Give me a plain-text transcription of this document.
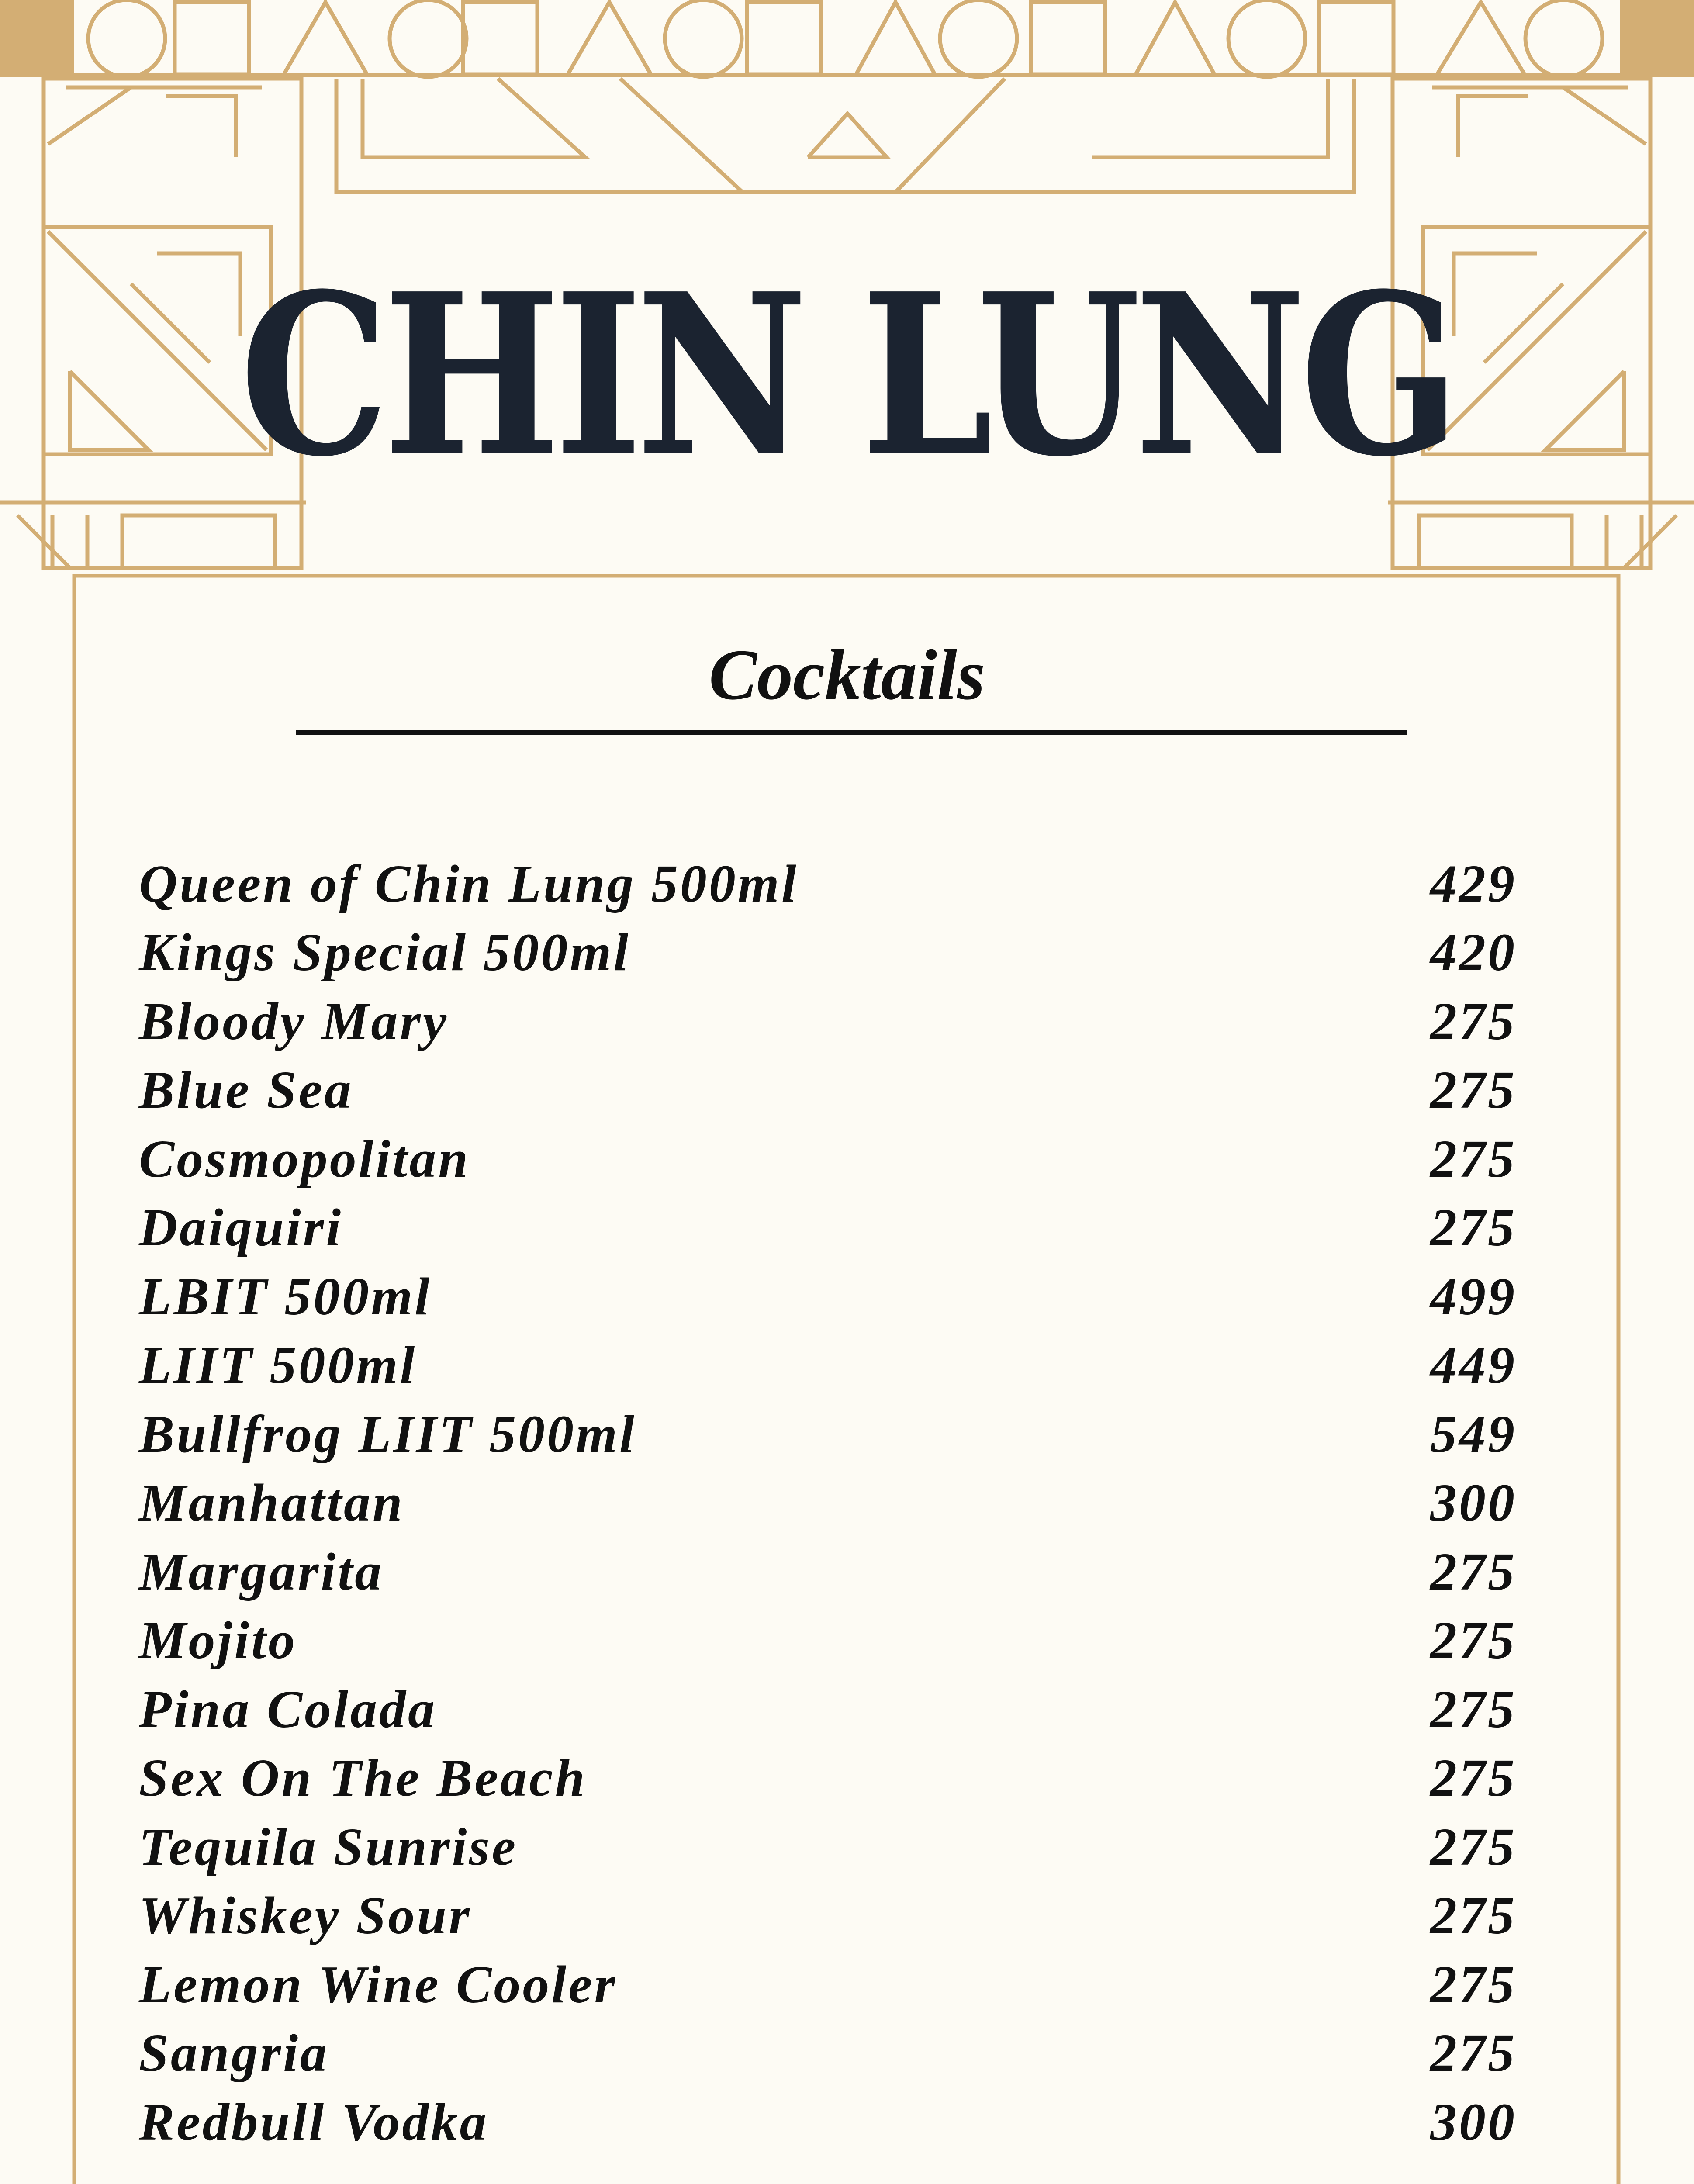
CHIN LUNG
Cocktails
Queen of Chin Lung 500ml	429
Kings Special 500ml	420
Bloody Mary	275
Blue Sea	275
Cosmopolitan	275
Daiquiri	275
LBIT 500ml	499
LIIT 500ml	449
Bullfrog LIIT 500ml	549
Manhattan	300
Margarita	275
Mojito	275
Pina Colada	275
Sex On The Beach	275
Tequila Sunrise	275
Whiskey Sour	275
Lemon Wine Cooler	275
Sangria	275
Redbull Vodka	300
